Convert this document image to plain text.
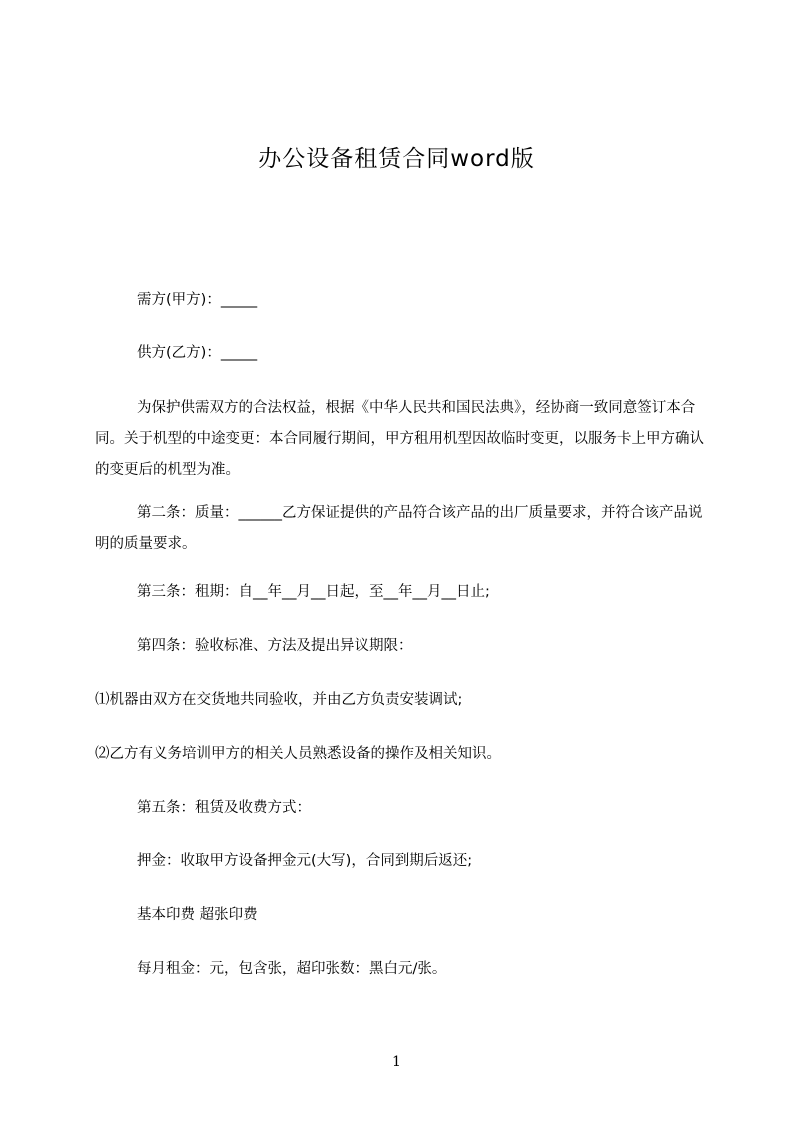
办公设备租赁合同word版

需方(甲方)：_____

供方(乙方)：_____

为保护供需双方的合法权益，根据《中华人民共和国民法典》，经协商一致同意签订本合同。关于机型的中途变更：本合同履行期间，甲方租用机型因故临时变更，以服务卡上甲方确认的变更后的机型为准。

第二条：质量：______乙方保证提供的产品符合该产品的出厂质量要求，并符合该产品说明的质量要求。

第三条：租期：自__年__月__日起，至__年__月__日止;

第四条：验收标准、方法及提出异议期限：

⑴机器由双方在交货地共同验收，并由乙方负责安装调试;

⑵乙方有义务培训甲方的相关人员熟悉设备的操作及相关知识。

第五条：租赁及收费方式：

押金：收取甲方设备押金元(大写)，合同到期后返还;

基本印费 超张印费

每月租金：元，包含张，超印张数：黑白元/张。

1
